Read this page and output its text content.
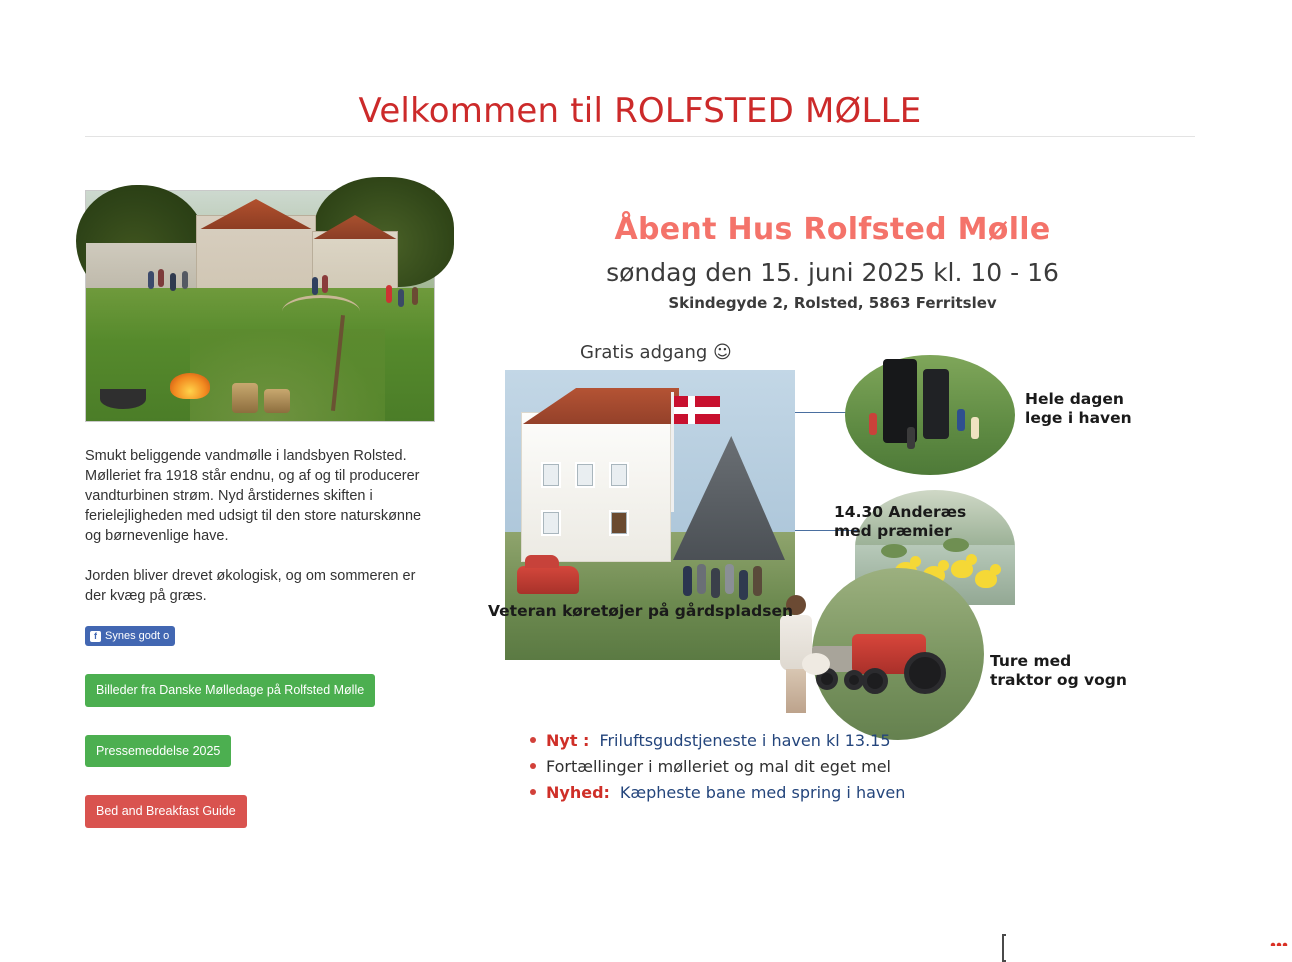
Velkommen til ROLFSTED MØLLE

Smukt beliggende vandmølle i landsbyen Rolsted. Mølleriet fra 1918 står endnu, og af og til producerer vandturbinen strøm. Nyd årstidernes skiften i ferielejligheden med udsigt til den store naturskønne og børnevenlige have.

Jorden bliver drevet økologisk, og om sommeren er der kvæg på græs.

f Synes godt o
Billeder fra Danske Mølledage på Rolfsted Mølle
Pressemeddelse 2025
Bed and Breakfast Guide
Åbent Hus Rolfsted Mølle
søndag den 15. juni 2025 kl. 10 - 16
Skindegyde 2, Rolsted, 5863 Ferritslev
Gratis adgang ☺
Hele dagen
lege i haven
14.30 Anderæs
med præmier
Veteran køretøjer på gårdspladsen
Ture med
traktor og vogn
Nyt : Friluftsgudstjeneste i haven kl 13.15
Fortællinger i mølleriet og mal dit eget mel
Nyhed: Kæpheste bane med spring i haven
